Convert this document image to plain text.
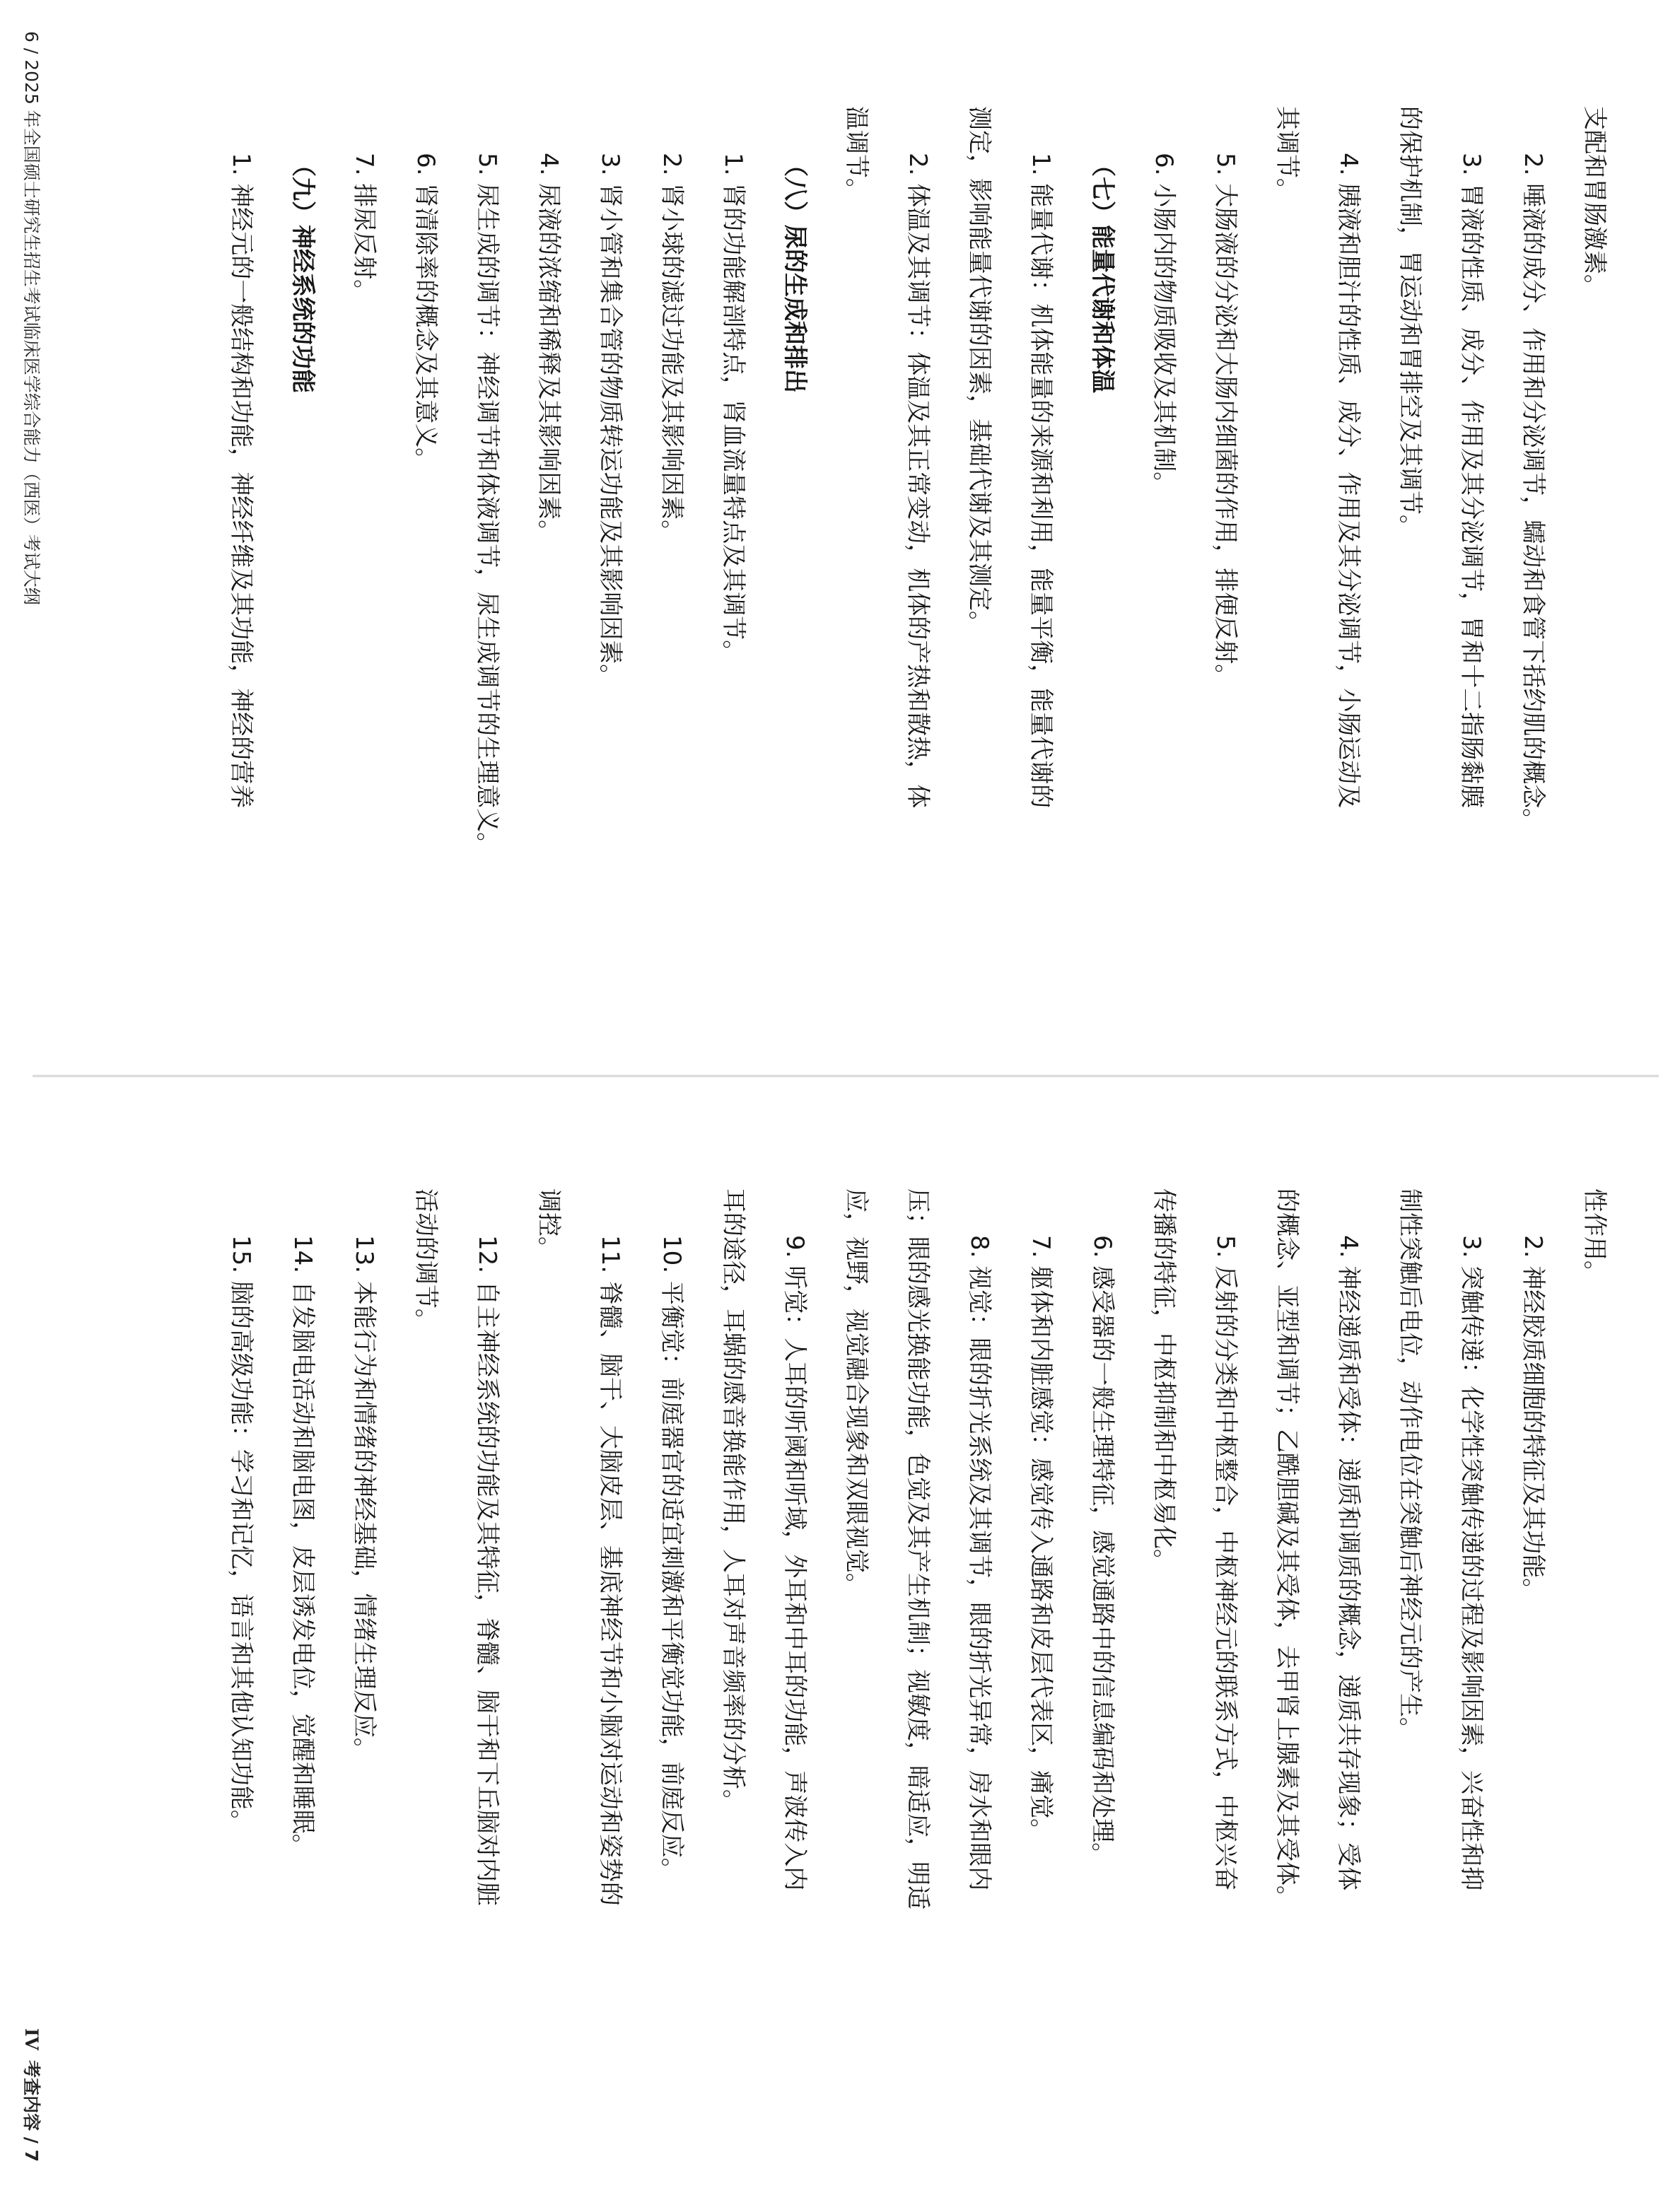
支配和胃肠激素。
2. 唾液的成分、作用和分泌调节，蠕动和食管下括约肌的概念。
3. 胃液的性质、成分、作用及其分泌调节，胃和十二指肠黏膜
的保护机制，胃运动和胃排空及其调节。
4. 胰液和胆汁的性质、成分、作用及其分泌调节，小肠运动及
其调节。
5. 大肠液的分泌和大肠内细菌的作用，排便反射。
6. 小肠内的物质吸收及其机制。
（七）能量代谢和体温
1. 能量代谢：机体能量的来源和利用，能量平衡，能量代谢的
测定，影响能量代谢的因素，基础代谢及其测定。
2. 体温及其调节：体温及其正常变动，机体的产热和散热，体
温调节。
（八）尿的生成和排出
1. 肾的功能解剖特点，肾血流量特点及其调节。
2. 肾小球的滤过功能及其影响因素。
3. 肾小管和集合管的物质转运功能及其影响因素。
4. 尿液的浓缩和稀释及其影响因素。
5. 尿生成的调节：神经调节和体液调节，尿生成调节的生理意义。
6. 肾清除率的概念及其意义。
7. 排尿反射。
（九）神经系统的功能
1. 神经元的一般结构和功能，神经纤维及其功能，神经的营养
6 / 2025 年全国硕士研究生招生考试临床医学综合能力（西医）考试大纲
性作用。
2. 神经胶质细胞的特征及其功能。
3. 突触传递：化学性突触传递的过程及影响因素，兴奋性和抑
制性突触后电位，动作电位在突触后神经元的产生。
4. 神经递质和受体：递质和调质的概念，递质共存现象；受体
的概念、亚型和调节；乙酰胆碱及其受体，去甲肾上腺素及其受体。
5. 反射的分类和中枢整合，中枢神经元的联系方式，中枢兴奋
传播的特征，中枢抑制和中枢易化。
6. 感受器的一般生理特征，感觉通路中的信息编码和处理。
7. 躯体和内脏感觉：感觉传入通路和皮层代表区，痛觉。
8. 视觉：眼的折光系统及其调节，眼的折光异常，房水和眼内
压；眼的感光换能功能，色觉及其产生机制；视敏度，暗适应，明适
应，视野，视觉融合现象和双眼视觉。
9. 听觉：人耳的听阈和听域，外耳和中耳的功能，声波传入内
耳的途径，耳蜗的感音换能作用，人耳对声音频率的分析。
10. 平衡觉：前庭器官的适宜刺激和平衡觉功能，前庭反应。
11. 脊髓、脑干、大脑皮层、基底神经节和小脑对运动和姿势的
调控。
12. 自主神经系统的功能及其特征，脊髓、脑干和下丘脑对内脏
活动的调节。
13. 本能行为和情绪的神经基础，情绪生理反应。
14. 自发脑电活动和脑电图，皮层诱发电位，觉醒和睡眠。
15. 脑的高级功能：学习和记忆，语言和其他认知功能。
IV考查内容 / 7
